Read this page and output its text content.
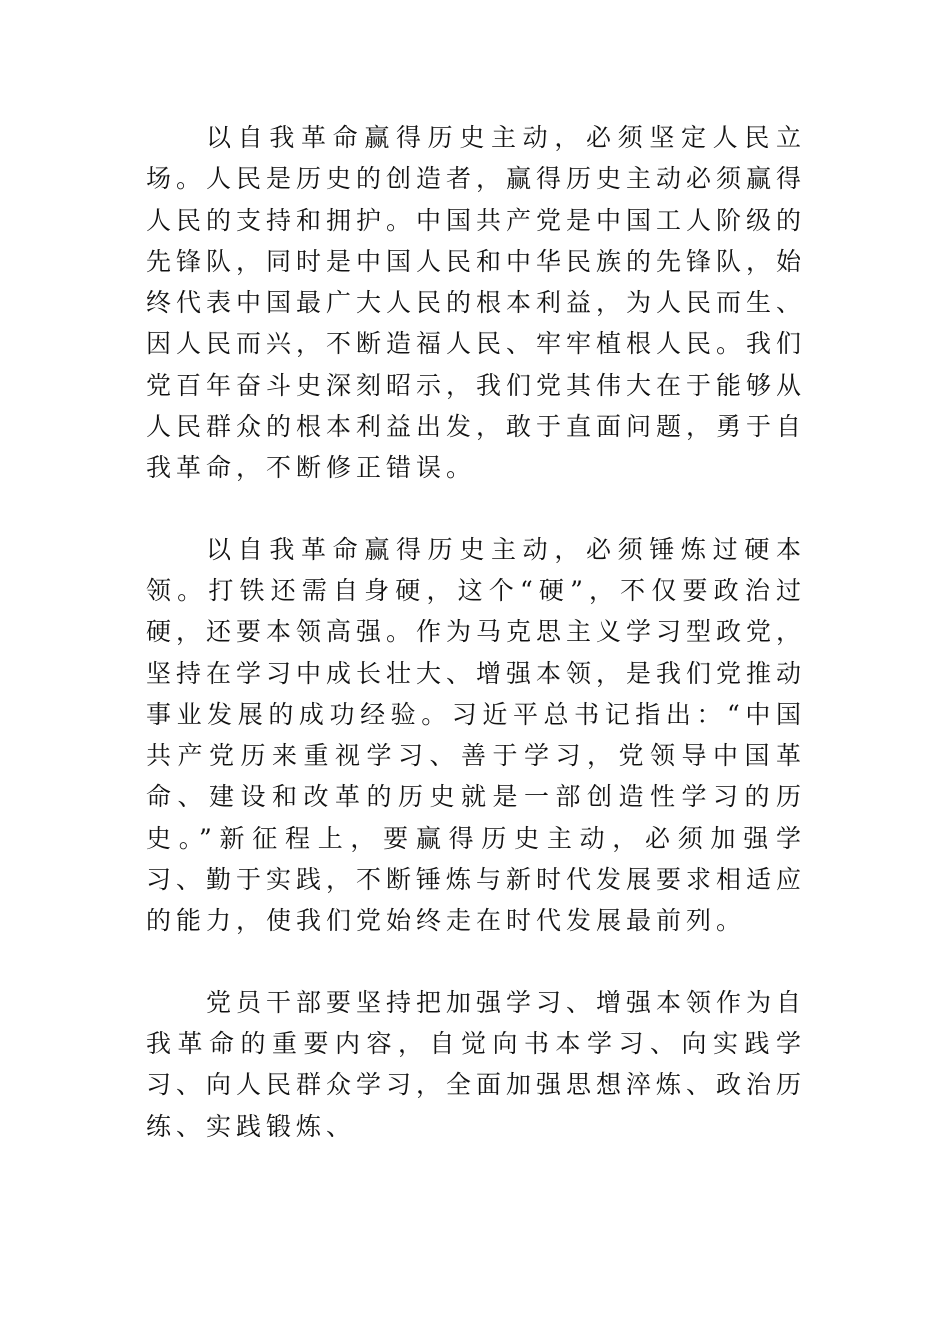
以自我革命赢得历史主动，必须坚定人民立场。人民是历史的创造者，赢得历史主动必须赢得人民的支持和拥护。中国共产党是中国工人阶级的先锋队，同时是中国人民和中华民族的先锋队，始终代表中国最广大人民的根本利益，为人民而生、因人民而兴，不断造福人民、牢牢植根人民。我们党百年奋斗史深刻昭示，我们党其伟大在于能够从人民群众的根本利益出发，敢于直面问题，勇于自我革命，不断修正错误。

以自我革命赢得历史主动，必须锤炼过硬本领。打铁还需自身硬，这个“硬”，不仅要政治过硬，还要本领高强。作为马克思主义学习型政党，坚持在学习中成长壮大、增强本领，是我们党推动事业发展的成功经验。习近平总书记指出：“中国共产党历来重视学习、善于学习，党领导中国革命、建设和改革的历史就是一部创造性学习的历史。”新征程上，要赢得历史主动，必须加强学习、勤于实践，不断锤炼与新时代发展要求相适应的能力，使我们党始终走在时代发展最前列。

党员干部要坚持把加强学习、增强本领作为自我革命的重要内容，自觉向书本学习、向实践学习、向人民群众学习，全面加强思想淬炼、政治历练、实践锻炼、
